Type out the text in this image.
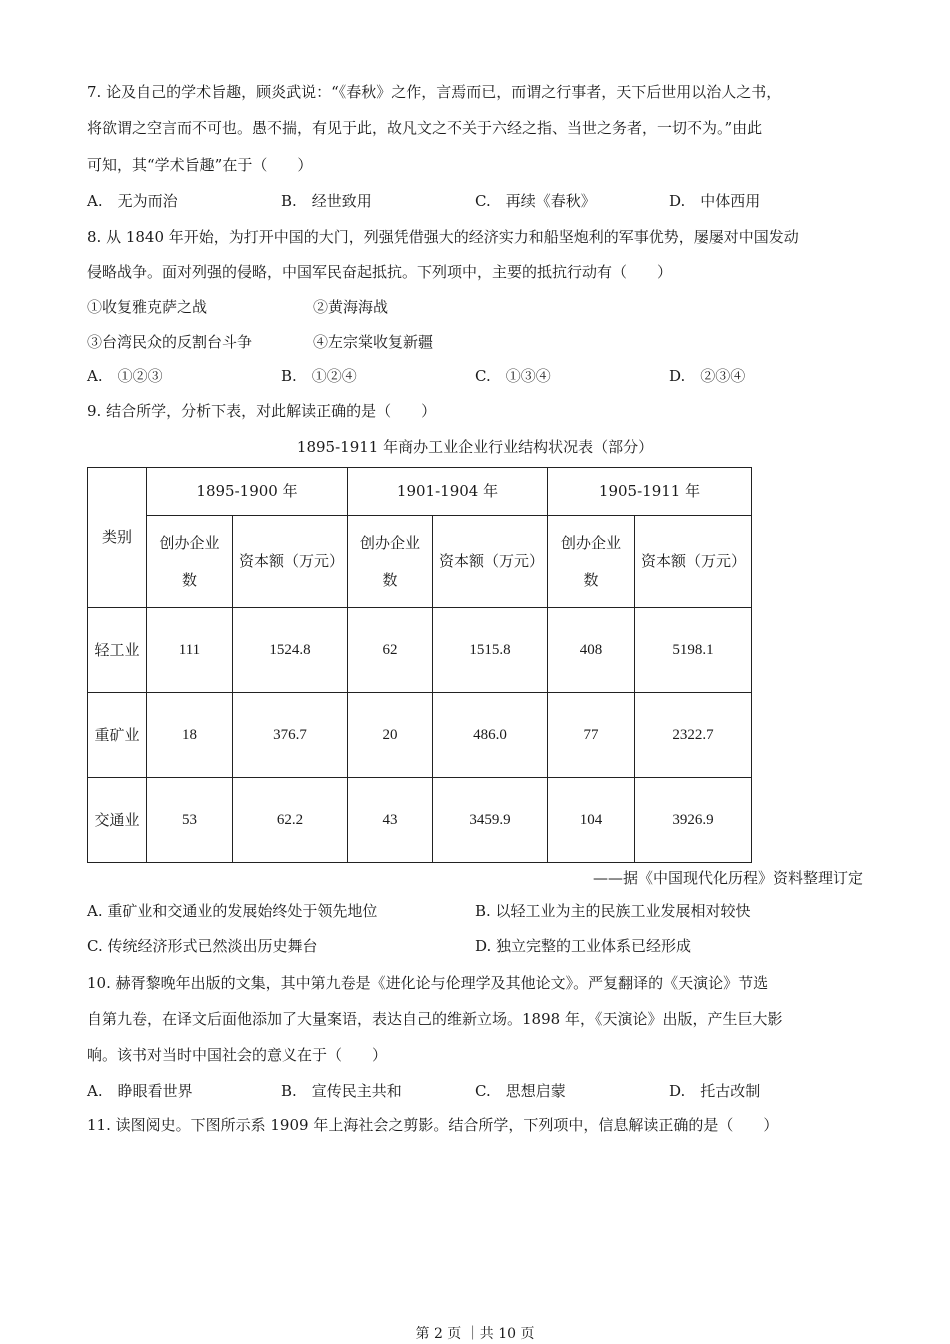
7. 论及自己的学术旨趣，顾炎武说：“《春秋》之作，言焉而已，而谓之行事者，天下后世用以治人之书，
将欲谓之空言而不可也。愚不揣，有见于此，故凡文之不关于六经之指、当世之务者，一切不为。”由此
可知，其“学术旨趣”在于（　　）
A.　无为而治	B.　经世致用	C.　再续《春秋》	D.　中体西用
8. 从 1840 年开始，为打开中国的大门，列强凭借强大的经济实力和船坚炮利的军事优势，屡屡对中国发动
侵略战争。面对列强的侵略，中国军民奋起抵抗。下列项中，主要的抵抗行动有（　　）
①收复雅克萨之战	②黄海海战
③台湾民众的反割台斗争	④左宗棠收复新疆
A.　①②③	B.　①②④	C.　①③④	D.　②③④
9. 结合所学，分析下表，对此解读正确的是（　　）
1895-1911 年商办工业企业行业结构状况表（部分）
类别	1895-1900 年		1901-1904 年		1905-1911 年	
	创办企业数	资本额（万元）	创办企业数	资本额（万元）	创办企业数	资本额（万元）
轻工业	111	1524.8	62	1515.8	408	5198.1
重矿业	18	376.7	20	486.0	77	2322.7
交通业	53	62.2	43	3459.9	104	3926.9
——据《中国现代化历程》资料整理订定
A. 重矿业和交通业的发展始终处于领先地位	B. 以轻工业为主的民族工业发展相对较快
C. 传统经济形式已然淡出历史舞台	D. 独立完整的工业体系已经形成
10. 赫胥黎晚年出版的文集，其中第九卷是《进化论与伦理学及其他论文》。严复翻译的《天演论》节选
自第九卷，在译文后面他添加了大量案语，表达自己的维新立场。1898 年，《天演论》出版，产生巨大影
响。该书对当时中国社会的意义在于（　　）
A.　睁眼看世界	B.　宣传民主共和	C.　思想启蒙	D.　托古改制
11. 读图阅史。下图所示系 1909 年上海社会之剪影。结合所学，下列项中，信息解读正确的是（　　）
第 2 页 ｜共 10 页
